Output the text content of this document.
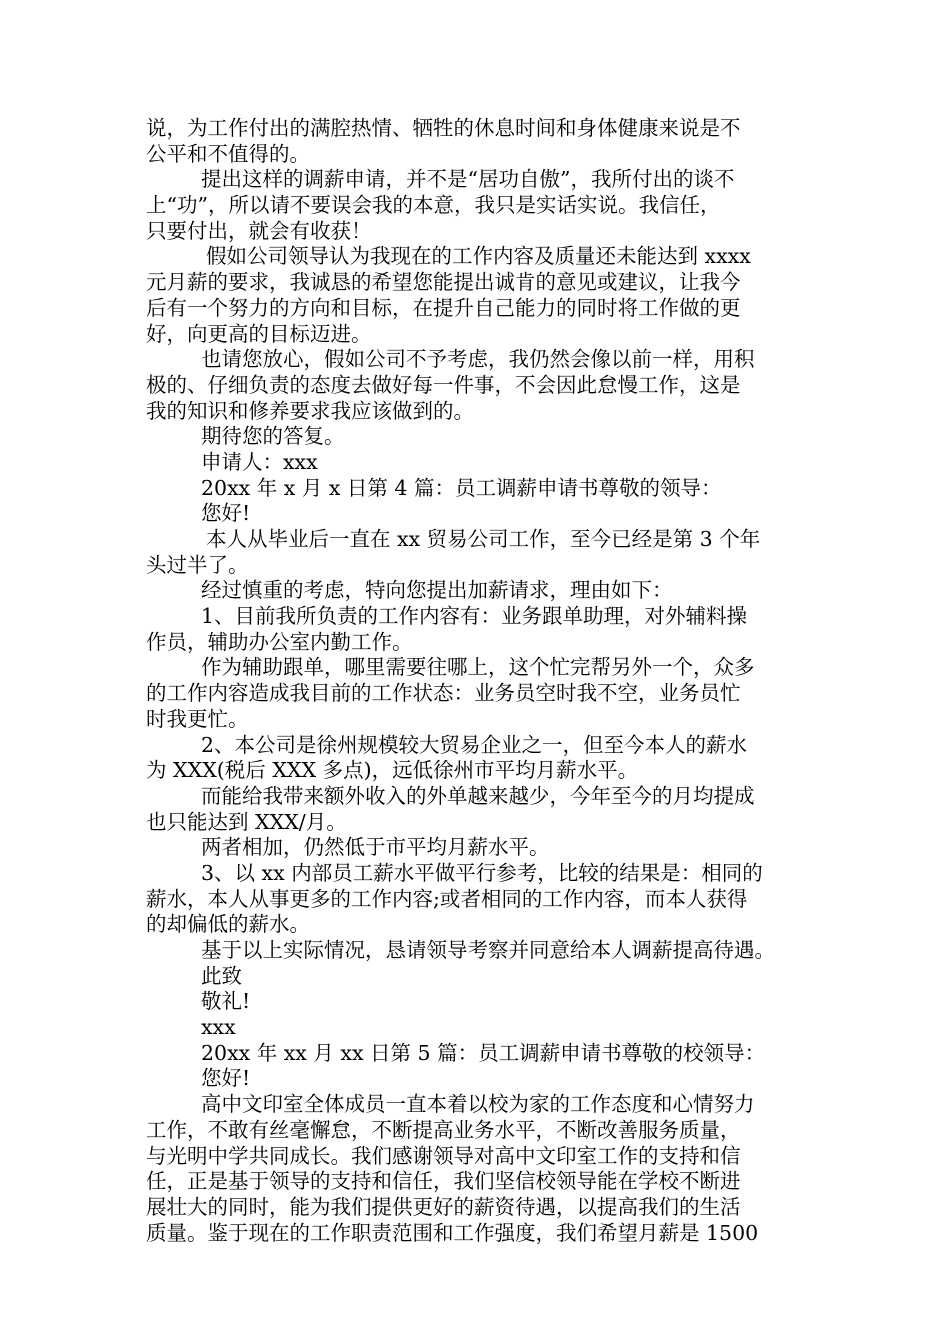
说，为工作付出的满腔热情、牺牲的休息时间和身体健康来说是不
公平和不值得的。
提出这样的调薪申请，并不是“居功自傲”，我所付出的谈不
上“功”，所以请不要误会我的本意，我只是实话实说。我信任，
只要付出，就会有收获！
假如公司领导认为我现在的工作内容及质量还未能达到 xxxx
元月薪的要求，我诚恳的希望您能提出诚肯的意见或建议，让我今
后有一个努力的方向和目标，在提升自己能力的同时将工作做的更
好，向更高的目标迈进。
也请您放心，假如公司不予考虑，我仍然会像以前一样，用积
极的、仔细负责的态度去做好每一件事，不会因此怠慢工作，这是
我的知识和修养要求我应该做到的。
期待您的答复。
申请人：xxx
20xx 年 x 月 x 日第 4 篇：员工调薪申请书尊敬的领导：
您好!
本人从毕业后一直在 xx 贸易公司工作，至今已经是第 3 个年
头过半了。
经过慎重的考虑，特向您提出加薪请求，理由如下：
1、目前我所负责的工作内容有：业务跟单助理，对外辅料操
作员，辅助办公室内勤工作。
作为辅助跟单，哪里需要往哪上，这个忙完帮另外一个，众多
的工作内容造成我目前的工作状态：业务员空时我不空，业务员忙
时我更忙。
2、本公司是徐州规模较大贸易企业之一，但至今本人的薪水
为 XXX(税后 XXX 多点)，远低徐州市平均月薪水平。
而能给我带来额外收入的外单越来越少，今年至今的月均提成
也只能达到 XXX/月。
两者相加，仍然低于市平均月薪水平。
3、以 xx 内部员工薪水平做平行参考，比较的结果是：相同的
薪水，本人从事更多的工作内容;或者相同的工作内容，而本人获得
的却偏低的薪水。
基于以上实际情况，恳请领导考察并同意给本人调薪提高待遇。
此致
敬礼!
xxx
20xx 年 xx 月 xx 日第 5 篇：员工调薪申请书尊敬的校领导：
您好!
高中文印室全体成员一直本着以校为家的工作态度和心情努力
工作，不敢有丝毫懈怠，不断提高业务水平，不断改善服务质量，
与光明中学共同成长。我们感谢领导对高中文印室工作的支持和信
任，正是基于领导的支持和信任，我们坚信校领导能在学校不断进
展壮大的同时，能为我们提供更好的薪资待遇，以提高我们的生活
质量。鉴于现在的工作职责范围和工作强度，我们希望月薪是 1500
